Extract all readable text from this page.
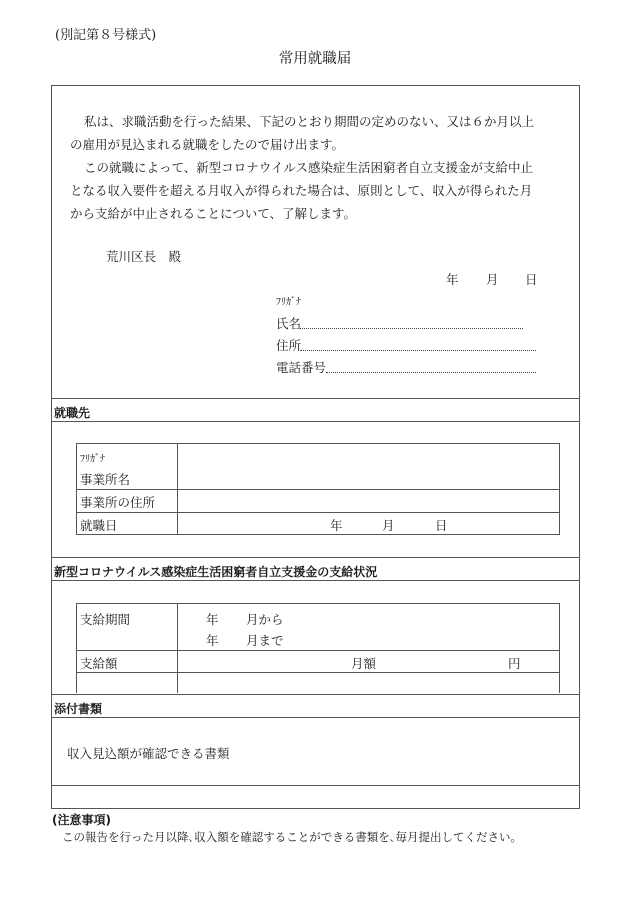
(別記第８号様式)
常用就職届
私は、求職活動を行った結果、下記のとおり期間の定めのない、又は６か月以上
の雇用が見込まれる就職をしたので届け出ます。
この就職によって、新型コロナウイルス感染症生活困窮者自立支援金が支給中止
となる収入要件を超える月収入が得られた場合は、原則として、収入が得られた月
から支給が中止されることについて、了解します。
荒川区長　殿
年 月 日
ﾌﾘｶﾞﾅ
氏名
住所
電話番号
就職先
ﾌﾘｶﾞﾅ
事業所名
事業所の住所
就職日	年	月	日
新型コロナウイルス感染症生活困窮者自立支援金の支給状況
支給期間	年 月から
年 月まで
支給額	月額	円
添付書類
収入見込額が確認できる書類
(注意事項)
この報告を行った月以降､収入額を確認することができる書類を､毎月提出してください｡
